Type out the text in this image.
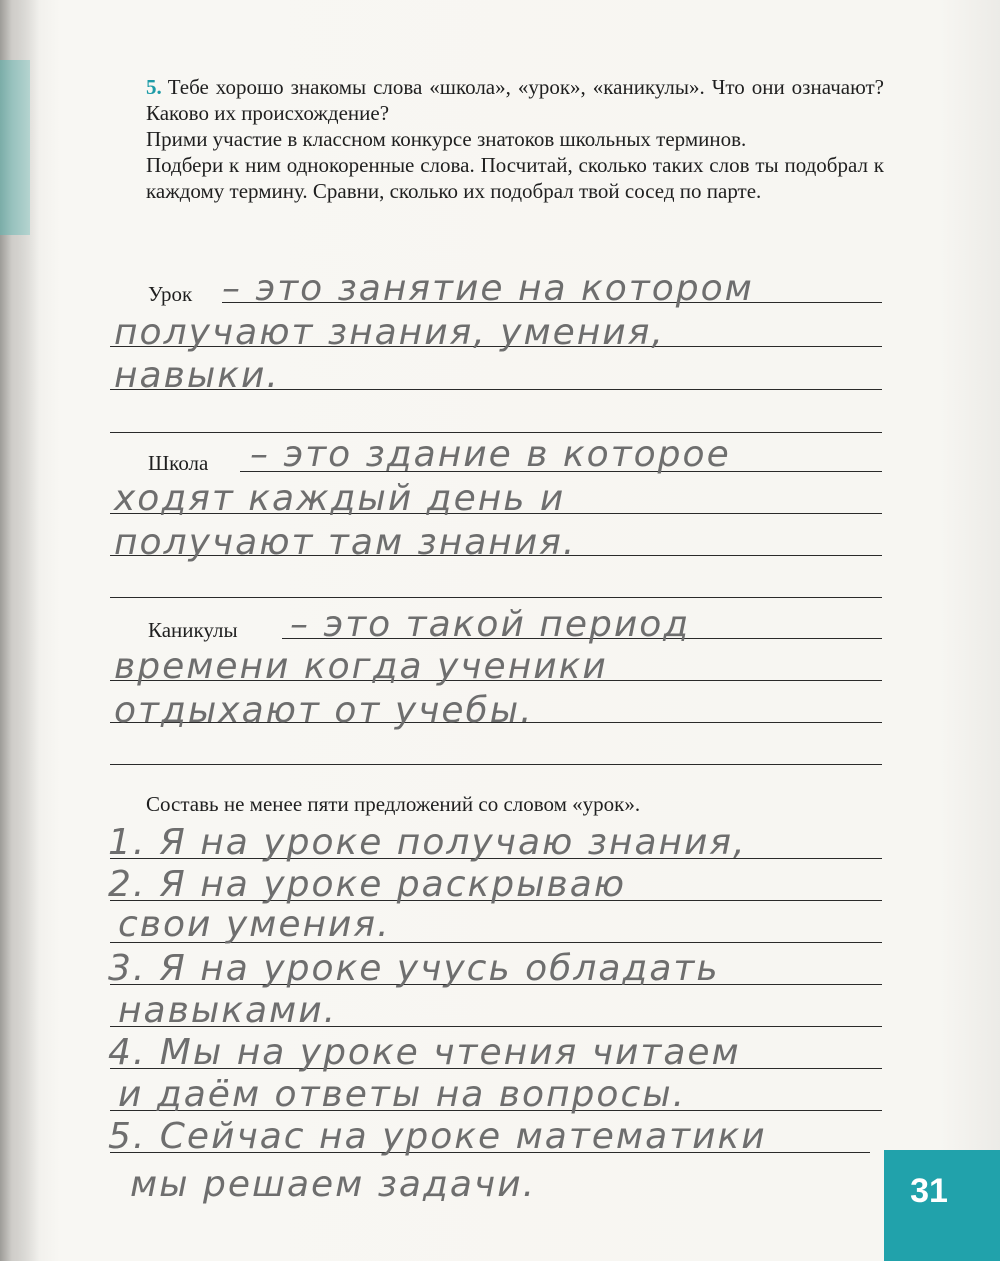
5. Тебе хорошо знакомы слова «школа», «урок», «каникулы». Что они означают? Каково их происхождение?

Прими участие в классном конкурсе знатоков школьных терминов.

Подбери к ним однокоренные слова. Посчитай, сколько таких слов ты подобрал к каждому термину. Сравни, сколько их подобрал твой сосед по парте.

Урок – это занятие на котором
получают знания, умения,
навыки.
Школа – это здание в которое
ходят каждый день и
получают там знания.
Каникулы – это такой период
времени когда ученики
отдыхают от учебы.
Составь не менее пяти предложений со словом «урок».
1. Я на уроке получаю знания,
2. Я на уроке раскрываю
свои умения.
3. Я на уроке учусь обладать
навыками.
4. Мы на уроке чтения читаем
и даём ответы на вопросы.
5. Сейчас на уроке математики
мы решаем задачи.	31
